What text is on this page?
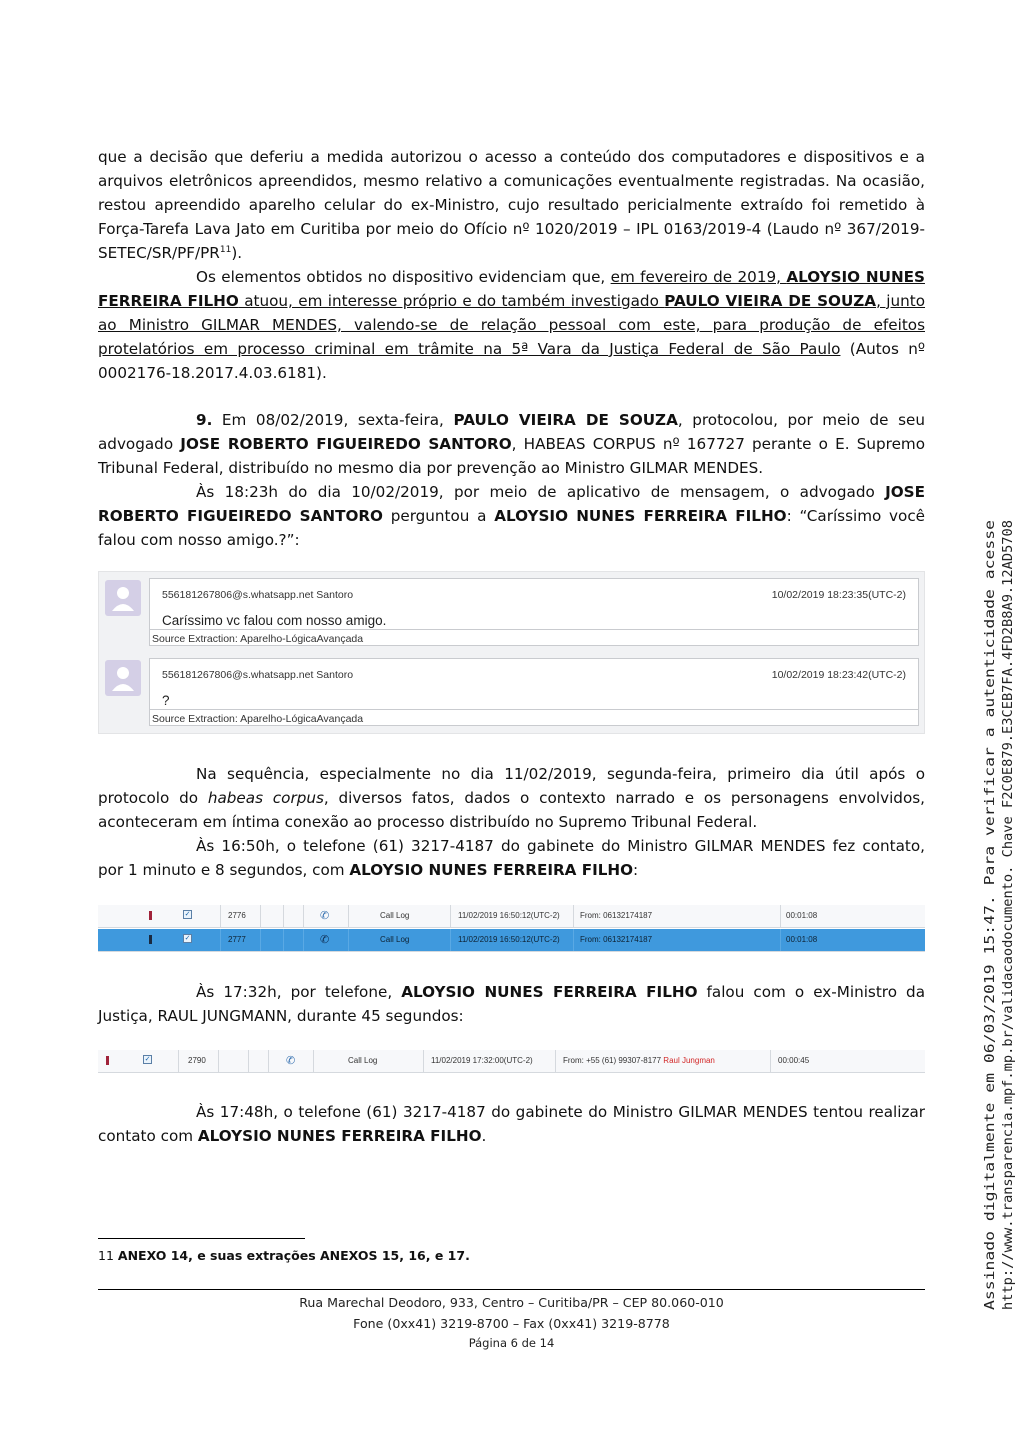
que a decisão que deferiu a medida autorizou o acesso a conteúdo dos computadores e dispositivos e a arquivos eletrônicos apreendidos, mesmo relativo a comunicações eventualmente registradas. Na ocasião, restou apreendido aparelho celular do ex-Ministro, cujo resultado pericialmente extraído foi remetido à Força-Tarefa Lava Jato em Curitiba por meio do Ofício nº 1020/2019 – IPL 0163/2019-4 (Laudo nº 367/2019-SETEC/SR/PF/PR$^{11}$).

Os elementos obtidos no dispositivo evidenciam que, em fevereiro de 2019, ALOYSIO NUNES FERREIRA FILHO atuou, em interesse próprio e do também investigado PAULO VIEIRA DE SOUZA, junto ao Ministro GILMAR MENDES, valendo-se de relação pessoal com este, para produção de efeitos protelatórios em processo criminal em trâmite na 5ª Vara da Justiça Federal de São Paulo (Autos nº 0002176-18.2017.4.03.6181).

9. Em 08/02/2019, sexta-feira, PAULO VIEIRA DE SOUZA, protocolou, por meio de seu advogado JOSE ROBERTO FIGUEIREDO SANTORO, HABEAS CORPUS nº 167727 perante o E. Supremo Tribunal Federal, distribuído no mesmo dia por prevenção ao Ministro GILMAR MENDES.

Às 18:23h do dia 10/02/2019, por meio de aplicativo de mensagem, o advogado JOSE ROBERTO FIGUEIREDO SANTORO perguntou a ALOYSIO NUNES FERREIRA FILHO: “Caríssimo você falou com nosso amigo.?”:

556181267806@s.whatsapp.net Santoro	10/02/2019 18:23:35(UTC-2)
Caríssimo vc falou com nosso amigo.
Source Extraction: Aparelho-LógicaAvançada
556181267806@s.whatsapp.net Santoro	10/02/2019 18:23:42(UTC-2)
?
Source Extraction: Aparelho-LógicaAvançada

Na sequência, especialmente no dia 11/02/2019, segunda-feira, primeiro dia útil após o protocolo do habeas corpus, diversos fatos, dados o contexto narrado e os personagens envolvidos, aconteceram em íntima conexão ao processo distribuído no Supremo Tribunal Federal.

Às 16:50h, o telefone (61) 3217-4187 do gabinete do Ministro GILMAR MENDES fez contato, por 1 minuto e 8 segundos, com ALOYSIO NUNES FERREIRA FILHO:

✓	2776	✆	Call Log	11/02/2019 16:50:12(UTC-2)	From: 06132174187	00:01:08
✓	2777	✆	Call Log	11/02/2019 16:50:12(UTC-2)	From: 06132174187	00:01:08

Às 17:32h, por telefone, ALOYSIO NUNES FERREIRA FILHO falou com o ex-Ministro da Justiça, RAUL JUNGMANN, durante 45 segundos:

✓	2790	✆	Call Log	11/02/2019 17:32:00(UTC-2)	From: +55 (61) 99307-8177 Raul Jungman	00:00:45

Às 17:48h, o telefone (61) 3217-4187 do gabinete do Ministro GILMAR MENDES tentou realizar contato com ALOYSIO NUNES FERREIRA FILHO.

11 ANEXO 14, e suas extrações ANEXOS 15, 16, e 17.

Rua Marechal Deodoro, 933, Centro – Curitiba/PR – CEP 80.060-010

Fone (0xx41) 3219-8700 – Fax (0xx41) 3219-8778

Página 6 de 14

Assinado digitalmente em 06/03/2019 15:47. Para verificar a autenticidade acesse http://www.transparencia.mpf.mp.br/validacaodocumento. Chave F2C0E879.E3CEB7FA.4FD2B8A9.12AD5708
